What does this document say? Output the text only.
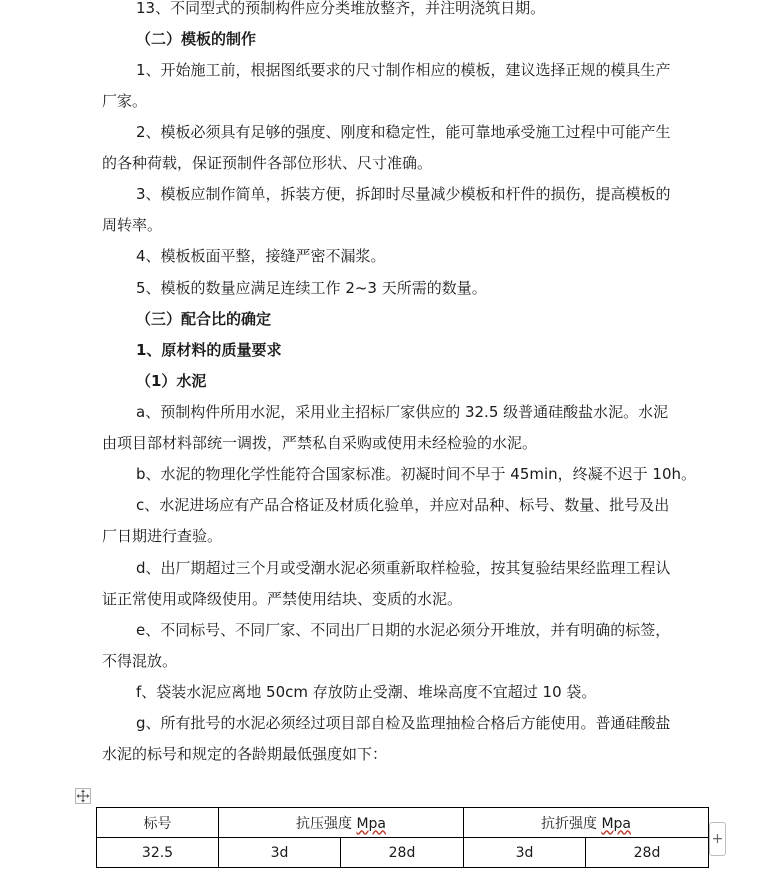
13、不同型式的预制构件应分类堆放整齐，并注明浇筑日期。
（二）模板的制作
1、开始施工前，根据图纸要求的尺寸制作相应的模板，建议选择正规的模具生产
厂家。
2、模板必须具有足够的强度、刚度和稳定性，能可靠地承受施工过程中可能产生
的各种荷载，保证预制件各部位形状、尺寸准确。
3、模板应制作简单，拆装方便，拆卸时尽量减少模板和杆件的损伤，提高模板的
周转率。
4、模板板面平整，接缝严密不漏浆。
5、模板的数量应满足连续工作 2~3 天所需的数量。
（三）配合比的确定
1、原材料的质量要求
（1）水泥
a、预制构件所用水泥，采用业主招标厂家供应的 32.5 级普通硅酸盐水泥。水泥
由项目部材料部统一调拨，严禁私自采购或使用未经检验的水泥。
b、水泥的物理化学性能符合国家标准。初凝时间不早于 45min，终凝不迟于 10h。
c、水泥进场应有产品合格证及材质化验单，并应对品种、标号、数量、批号及出
厂日期进行查验。
d、出厂期超过三个月或受潮水泥必须重新取样检验，按其复验结果经监理工程认
证正常使用或降级使用。严禁使用结块、变质的水泥。
e、不同标号、不同厂家、不同出厂日期的水泥必须分开堆放，并有明确的标签，
不得混放。
f、袋装水泥应离地 50cm 存放防止受潮、堆垛高度不宜超过 10 袋。
g、所有批号的水泥必须经过项目部自检及监理抽检合格后方能使用。普通硅酸盐
水泥的标号和规定的各龄期最低强度如下：
标号	抗压强度 Mpa		抗折强度 Mpa	
32.5	3d	28d	3d	28d
+
